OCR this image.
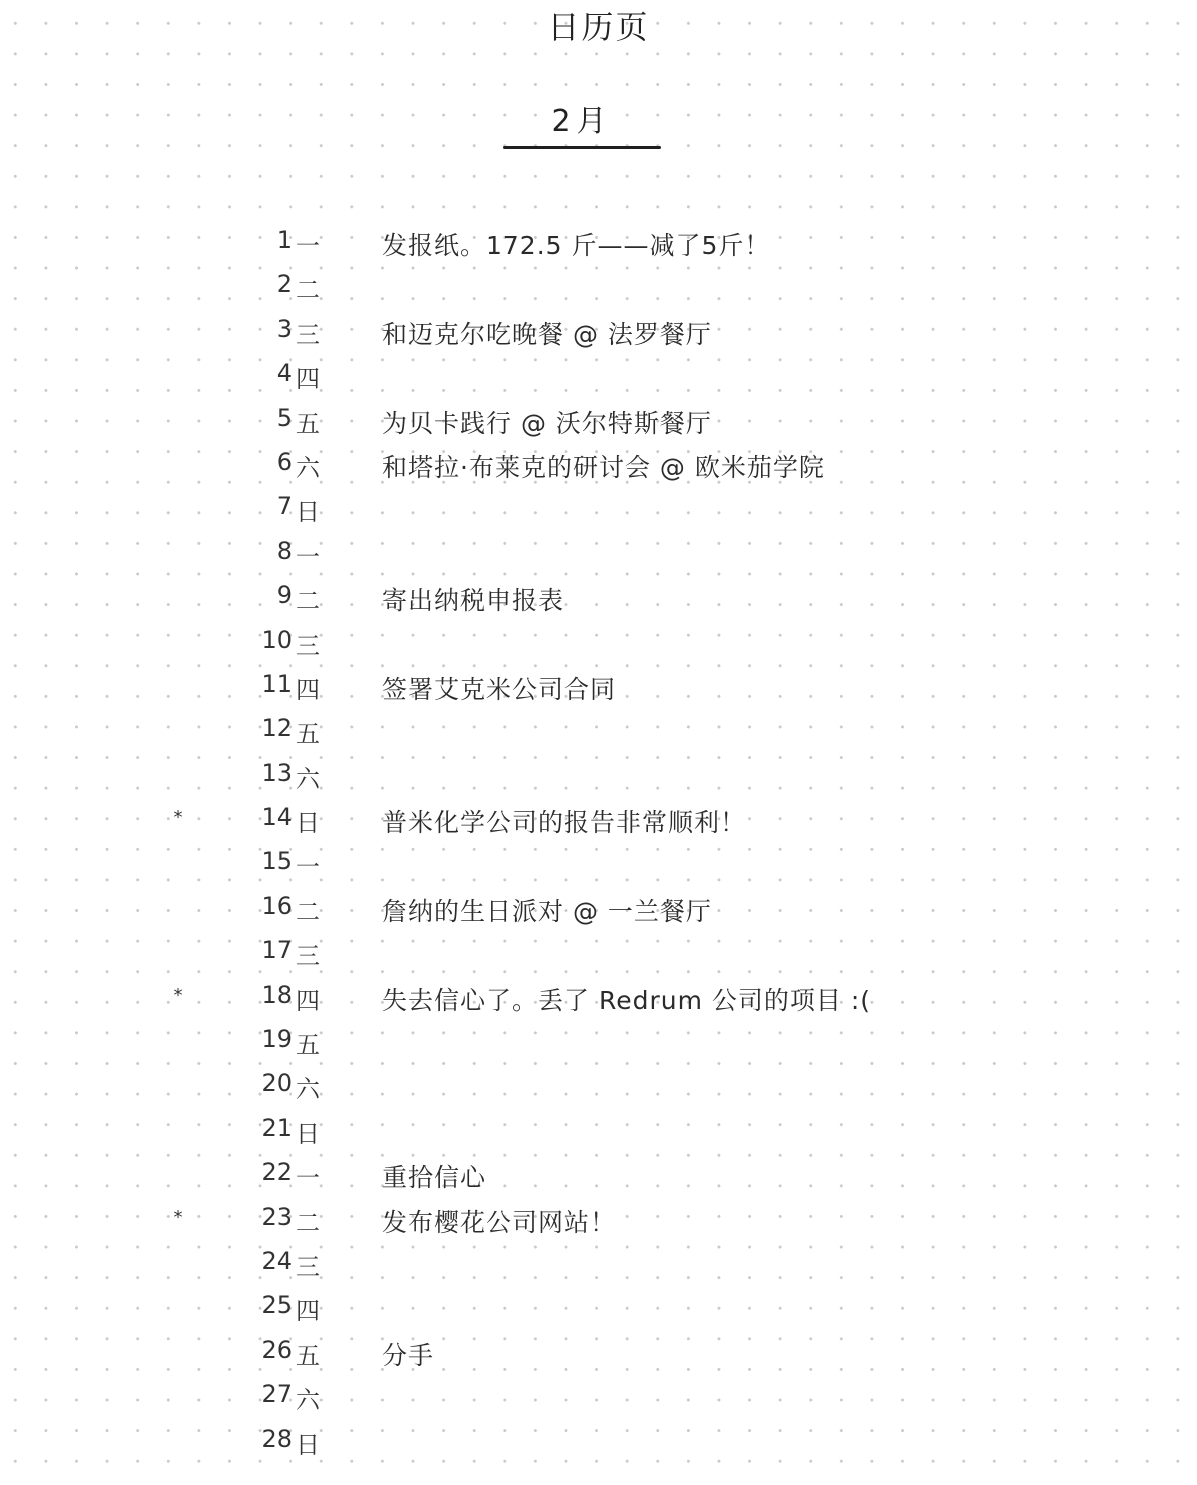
日历页
2月
1 一	发报纸。172.5 斤——减了5斤！
2 二
3 三	和迈克尔吃晚餐 @ 法罗餐厅
4 四
5 五	为贝卡践行 @ 沃尔特斯餐厅
6 六	和塔拉·布莱克的研讨会 @ 欧米茄学院
7 日
8 一
9 二	寄出纳税申报表
10 三
11 四	签署艾克米公司合同
12 五
13 六
*	14 日	普米化学公司的报告非常顺利！
15 一
16 二	詹纳的生日派对 @ 一兰餐厅
17 三
*	18 四	失去信心了。丢了 Redrum 公司的项目 :(
19 五
20 六
21 日
22 一	重拾信心
*	23 二	发布樱花公司网站！
24 三
25 四
26 五	分手
27 六
28 日
